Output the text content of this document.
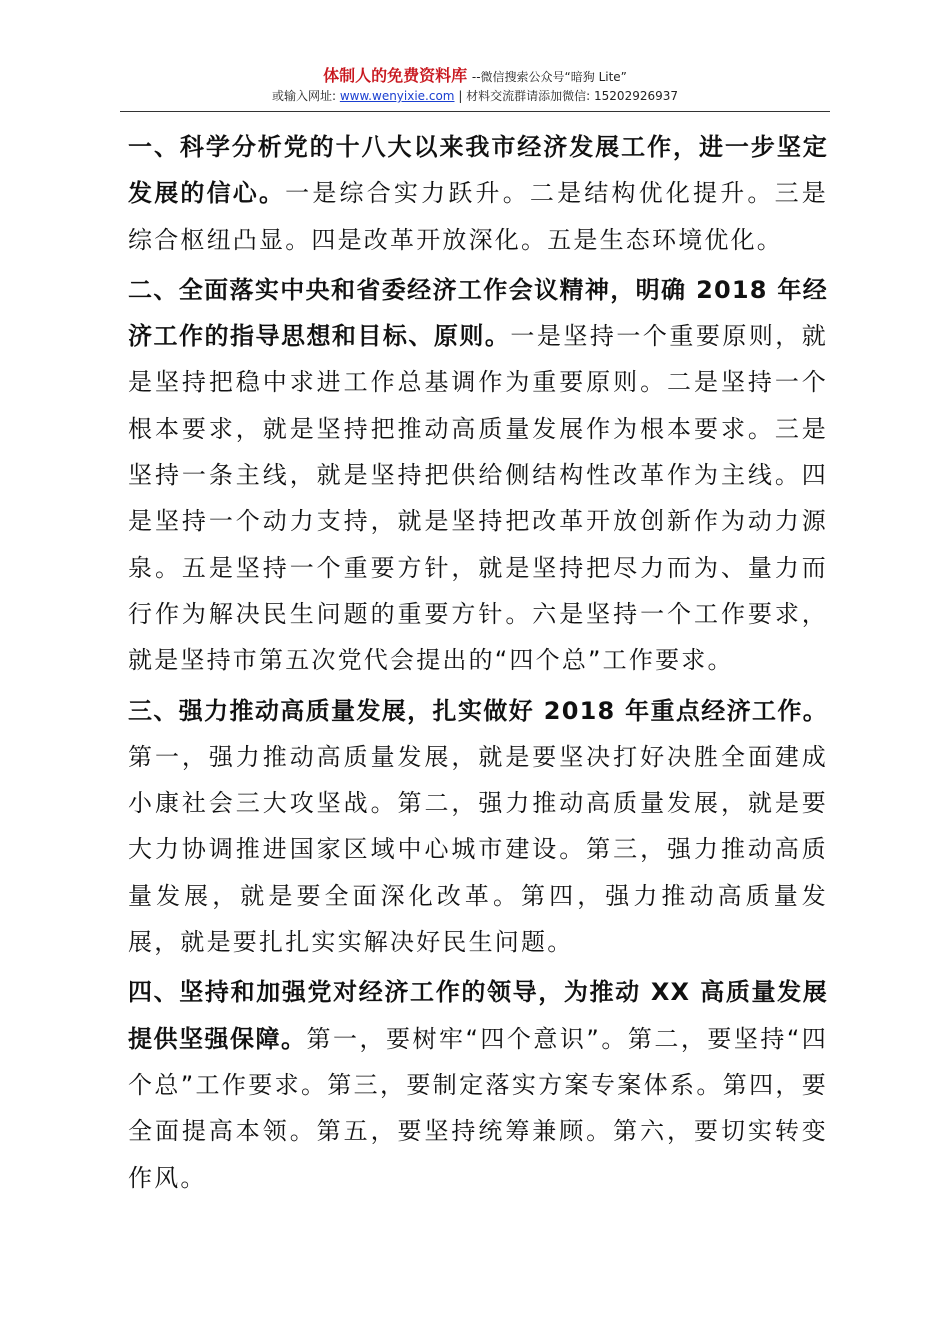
体制人的免费资料库 --微信搜索公众号“暗狗 Lite”
或输入网址: www.wenyixie.com | 材料交流群请添加微信: 15202926937

一、科学分析党的十八大以来我市经济发展工作，进一步坚定发展的信心。一是综合实力跃升。二是结构优化提升。三是综合枢纽凸显。四是改革开放深化。五是生态环境优化。

二、全面落实中央和省委经济工作会议精神，明确 2018 年经济工作的指导思想和目标、原则。一是坚持一个重要原则，就是坚持把稳中求进工作总基调作为重要原则。二是坚持一个根本要求，就是坚持把推动高质量发展作为根本要求。三是坚持一条主线，就是坚持把供给侧结构性改革作为主线。四是坚持一个动力支持，就是坚持把改革开放创新作为动力源泉。五是坚持一个重要方针，就是坚持把尽力而为、量力而行作为解决民生问题的重要方针。六是坚持一个工作要求，就是坚持市第五次党代会提出的“四个总”工作要求。

三、强力推动高质量发展，扎实做好 2018 年重点经济工作。第一，强力推动高质量发展，就是要坚决打好决胜全面建成小康社会三大攻坚战。第二，强力推动高质量发展，就是要大力协调推进国家区域中心城市建设。第三，强力推动高质量发展，就是要全面深化改革。第四，强力推动高质量发展，就是要扎扎实实解决好民生问题。

四、坚持和加强党对经济工作的领导，为推动 XX 高质量发展提供坚强保障。第一，要树牢“四个意识”。第二，要坚持“四个总”工作要求。第三，要制定落实方案专案体系。第四，要全面提高本领。第五，要坚持统筹兼顾。第六，要切实转变作风。
